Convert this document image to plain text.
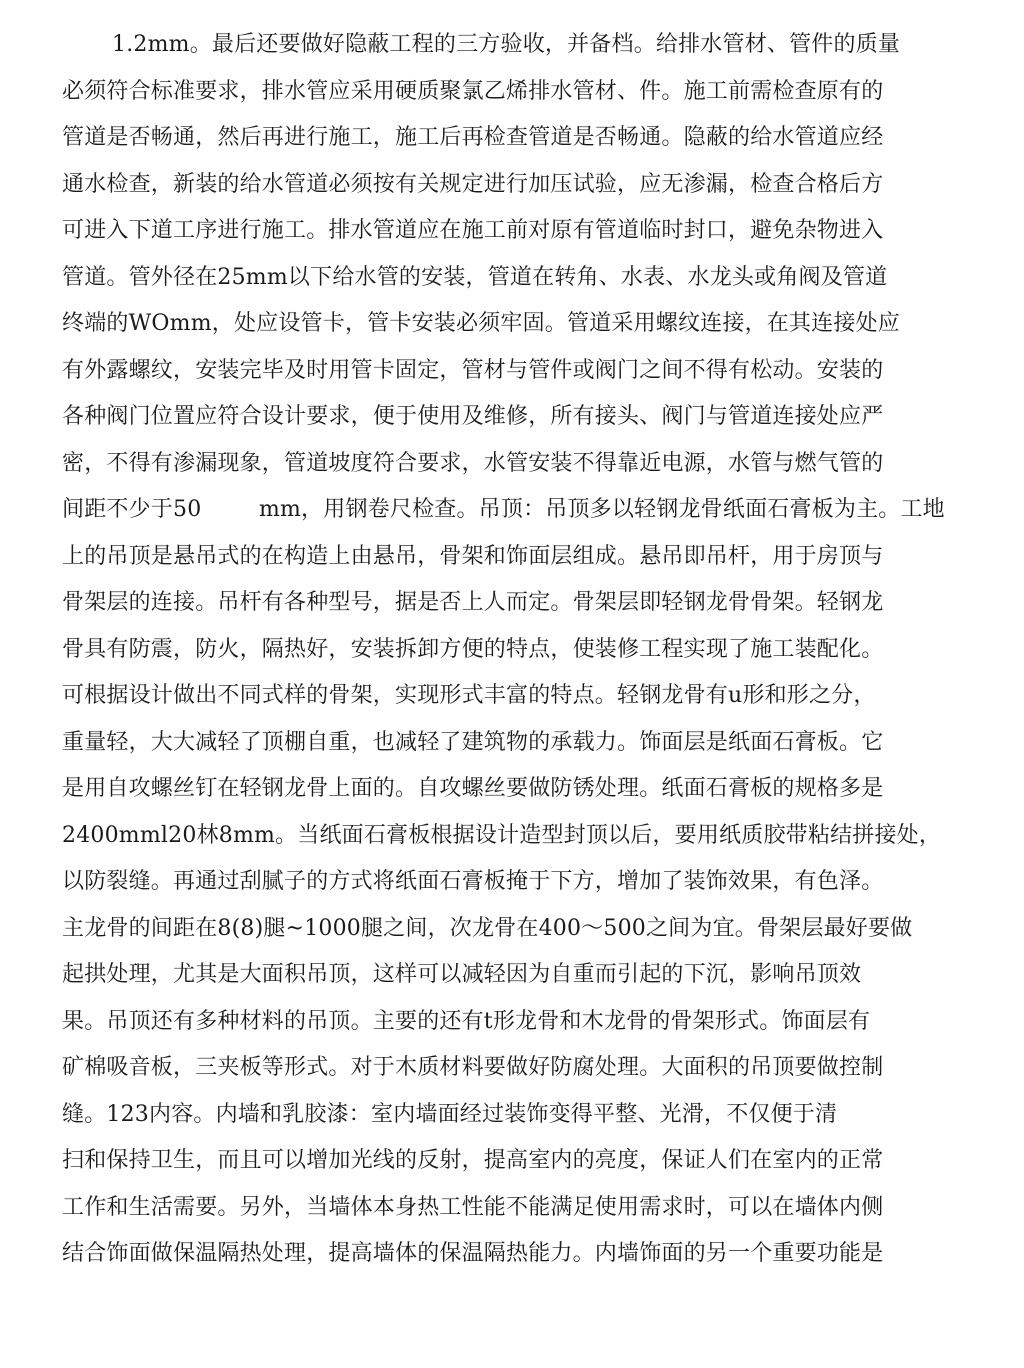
1.2mm。最后还要做好隐蔽工程的三方验收，并备档。给排水管材、管件的质量
必须符合标准要求，排水管应采用硬质聚氯乙烯排水管材、件。施工前需检查原有的
管道是否畅通，然后再进行施工，施工后再检查管道是否畅通。隐蔽的给水管道应经
通水检查，新装的给水管道必须按有关规定进行加压试验，应无渗漏，检查合格后方
可进入下道工序进行施工。排水管道应在施工前对原有管道临时封口，避免杂物进入
管道。管外径在25mm以下给水管的安装，管道在转角、水表、水龙头或角阀及管道
终端的WOmm，处应设管卡，管卡安装必须牢固。管道采用螺纹连接，在其连接处应
有外露螺纹，安装完毕及时用管卡固定，管材与管件或阀门之间不得有松动。安装的
各种阀门位置应符合设计要求，便于使用及维修，所有接头、阀门与管道连接处应严
密，不得有渗漏现象，管道坡度符合要求，水管安装不得靠近电源，水管与燃气管的
间距不少于50        mm，用钢卷尺检查。吊顶：吊顶多以轻钢龙骨纸面石膏板为主。工地
上的吊顶是悬吊式的在构造上由悬吊，骨架和饰面层组成。悬吊即吊杆，用于房顶与
骨架层的连接。吊杆有各种型号，据是否上人而定。骨架层即轻钢龙骨骨架。轻钢龙
骨具有防震，防火，隔热好，安装拆卸方便的特点，使装修工程实现了施工装配化。
可根据设计做出不同式样的骨架，实现形式丰富的特点。轻钢龙骨有u形和形之分，
重量轻，大大减轻了顶棚自重，也减轻了建筑物的承载力。饰面层是纸面石膏板。它
是用自攻螺丝钉在轻钢龙骨上面的。自攻螺丝要做防锈处理。纸面石膏板的规格多是
2400mml20林8mm。当纸面石膏板根据设计造型封顶以后，要用纸质胶带粘结拼接处，
以防裂缝。再通过刮腻子的方式将纸面石膏板掩于下方，增加了装饰效果，有色泽。
主龙骨的间距在8(8)腿~1000腿之间，次龙骨在400～500之间为宜。骨架层最好要做
起拱处理，尤其是大面积吊顶，这样可以减轻因为自重而引起的下沉，影响吊顶效
果。吊顶还有多种材料的吊顶。主要的还有t形龙骨和木龙骨的骨架形式。饰面层有
矿棉吸音板，三夹板等形式。对于木质材料要做好防腐处理。大面积的吊顶要做控制
缝。123内容。内墙和乳胶漆：室内墙面经过装饰变得平整、光滑，不仅便于清
扫和保持卫生，而且可以增加光线的反射，提高室内的亮度，保证人们在室内的正常
工作和生活需要。另外，当墙体本身热工性能不能满足使用需求时，可以在墙体内侧
结合饰面做保温隔热处理，提高墙体的保温隔热能力。内墙饰面的另一个重要功能是
